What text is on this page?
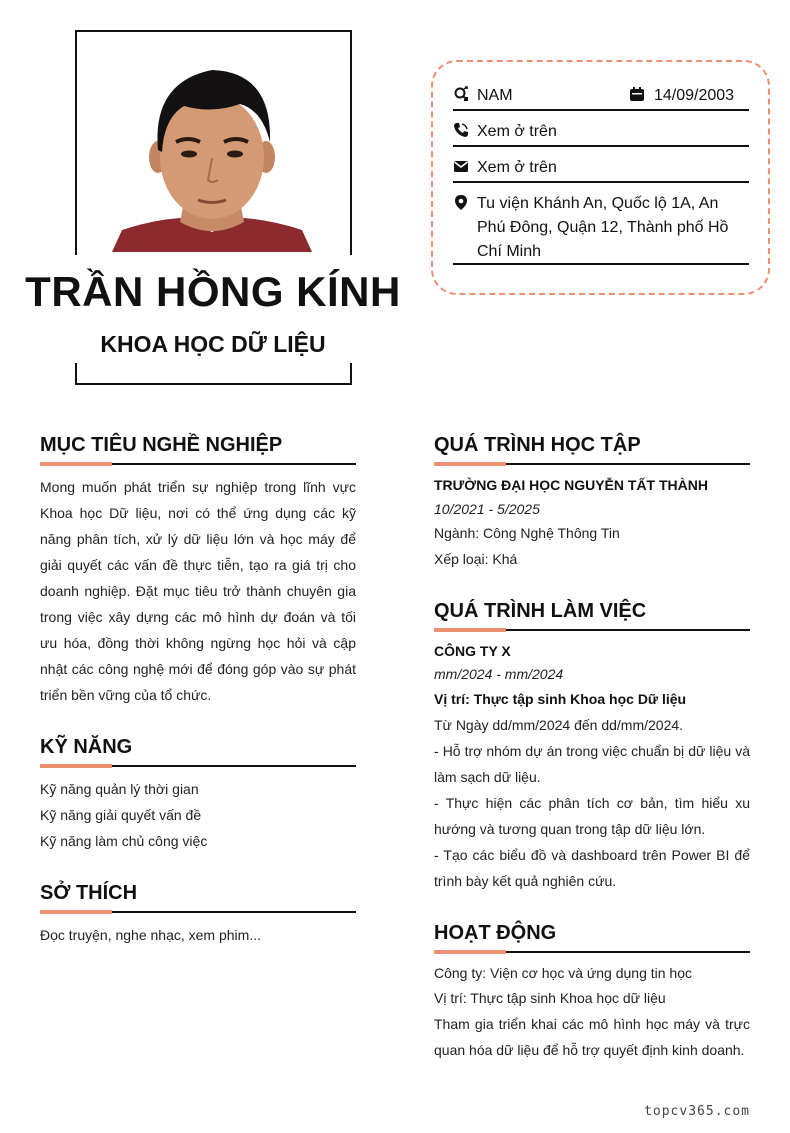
TRẦN HỒNG KÍNH
KHOA HỌC DỮ LIỆU
NAM	14/09/2003
Xem ở trên
Xem ở trên
Tu viện Khánh An, Quốc lộ 1A, An Phú Đông, Quận 12, Thành phố Hồ Chí Minh
MỤC TIÊU NGHỀ NGHIỆP
Mong muốn phát triển sự nghiệp trong lĩnh vực Khoa học Dữ liệu, nơi có thể ứng dụng các kỹ năng phân tích, xử lý dữ liệu lớn và học máy để giải quyết các vấn đề thực tiễn, tạo ra giá trị cho doanh nghiệp. Đặt mục tiêu trở thành chuyên gia trong việc xây dựng các mô hình dự đoán và tối ưu hóa, đồng thời không ngừng học hỏi và cập nhật các công nghệ mới để đóng góp vào sự phát triển bền vững của tổ chức.
KỸ NĂNG
Kỹ năng quản lý thời gian
Kỹ năng giải quyết vấn đề
Kỹ năng làm chủ công việc
SỞ THÍCH
Đọc truyện, nghe nhạc, xem phim...
QUÁ TRÌNH HỌC TẬP
TRƯỜNG ĐẠI HỌC NGUYỄN TẤT THÀNH
10/2021 - 5/2025
Ngành: Công Nghệ Thông Tin
Xếp loại: Khá
QUÁ TRÌNH LÀM VIỆC
CÔNG TY X
mm/2024 - mm/2024
Vị trí: Thực tập sinh Khoa học Dữ liệu
Từ Ngày dd/mm/2024 đến dd/mm/2024.
- Hỗ trợ nhóm dự án trong việc chuẩn bị dữ liệu và làm sạch dữ liệu.
- Thực hiện các phân tích cơ bản, tìm hiểu xu hướng và tương quan trong tập dữ liệu lớn.
- Tạo các biểu đồ và dashboard trên Power BI để trình bày kết quả nghiên cứu.
HOẠT ĐỘNG
Công ty: Viện cơ học và ứng dụng tin học
Vị trí: Thực tập sinh Khoa học dữ liệu
Tham gia triển khai các mô hình học máy và trực quan hóa dữ liệu để hỗ trợ quyết định kinh doanh.
topcv365.com
